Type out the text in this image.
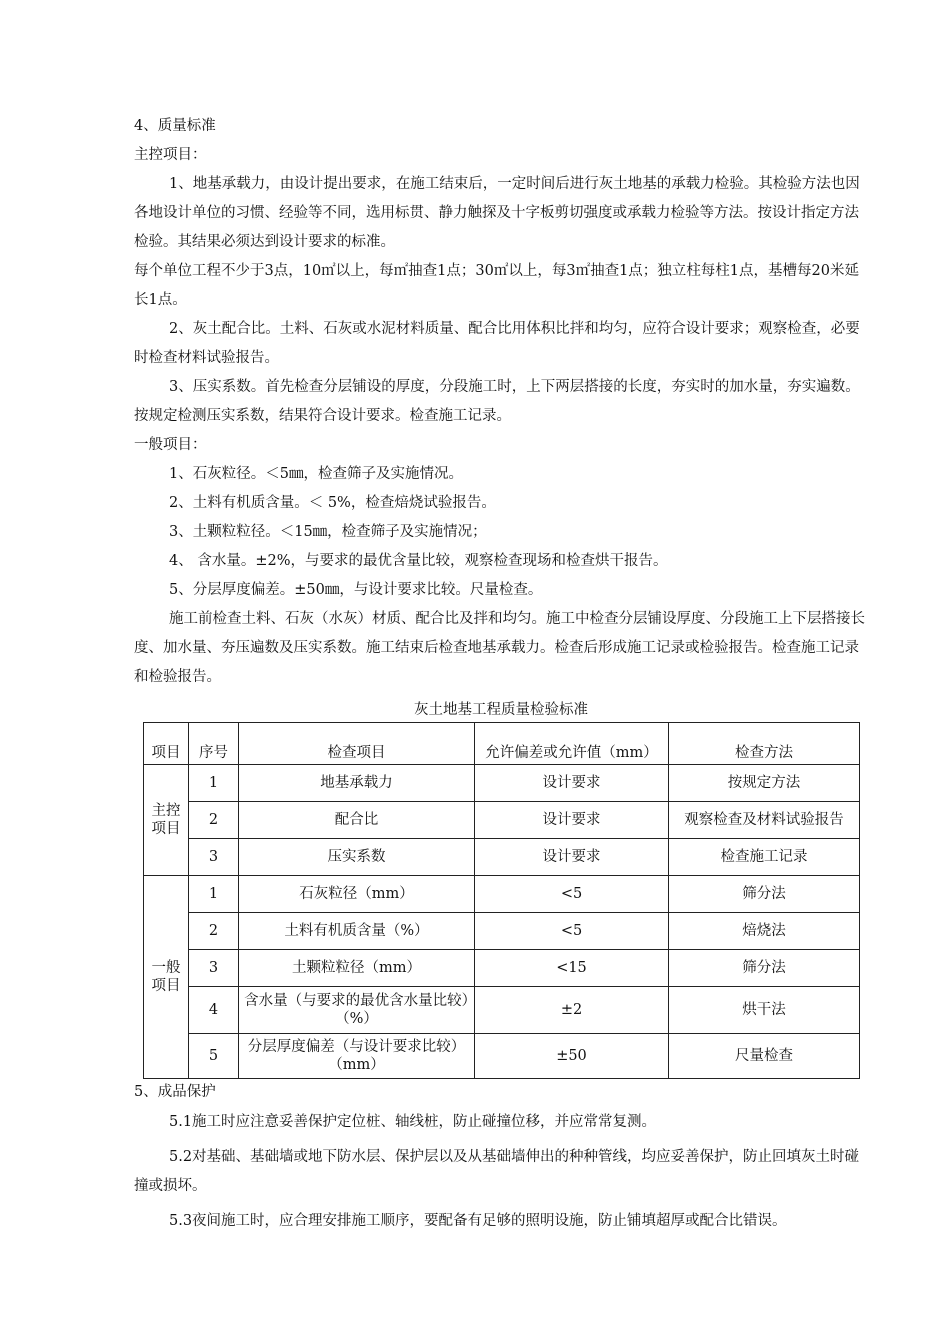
4、质量标准

主控项目：

1、地基承载力，由设计提出要求，在施工结束后，一定时间后进行灰土地基的承载力检验。其检验方法也因各地设计单位的习惯、经验等不同，选用标贯、静力触探及十字板剪切强度或承载力检验等方法。按设计指定方法检验。其结果必须达到设计要求的标准。

每个单位工程不少于3点，10㎡以上，每㎡抽查1点；30㎡以上，每3㎡抽查1点；独立柱每柱1点，基槽每20米延长1点。

2、灰土配合比。土料、石灰或水泥材料质量、配合比用体积比拌和均匀，应符合设计要求；观察检查，必要时检查材料试验报告。

3、压实系数。首先检查分层铺设的厚度，分段施工时，上下两层搭接的长度，夯实时的加水量，夯实遍数。按规定检测压实系数，结果符合设计要求。检查施工记录。

一般项目：

1、石灰粒径。＜5㎜，检查筛子及实施情况。

2、土料有机质含量。＜ 5%，检查焙烧试验报告。

3、土颗粒粒径。＜15㎜，检查筛子及实施情况；

4、 含水量。±2%，与要求的最优含量比较，观察检查现场和检查烘干报告。

5、分层厚度偏差。±50㎜，与设计要求比较。尺量检查。

施工前检查土料、石灰（水灰）材质、配合比及拌和均匀。施工中检查分层铺设厚度、分段施工上下层搭接长度、加水量、夯压遍数及压实系数。施工结束后检查地基承载力。检查后形成施工记录或检验报告。检查施工记录和检验报告。

灰土地基工程质量检验标准

项目	序号	检查项目	允许偏差或允许值（mm）	检查方法
主控项目	1	地基承载力	设计要求	按规定方法
	2	配合比	设计要求	观察检查及材料试验报告
	3	压实系数	设计要求	检查施工记录
一般项目	1	石灰粒径（mm）	<5	筛分法
	2	土料有机质含量（%）	<5	焙烧法
	3	土颗粒粒径（mm）	<15	筛分法
	4	含水量（与要求的最优含水量比较）（%）	±2	烘干法
	5	分层厚度偏差（与设计要求比较）（mm）	±50	尺量检查

5、成品保护

5.1施工时应注意妥善保护定位桩、轴线桩，防止碰撞位移，并应常常复测。

5.2对基础、基础墙或地下防水层、保护层以及从基础墙伸出的种种管线，均应妥善保护，防止回填灰土时碰撞或损坏。

5.3夜间施工时，应合理安排施工顺序，要配备有足够的照明设施，防止铺填超厚或配合比错误。
